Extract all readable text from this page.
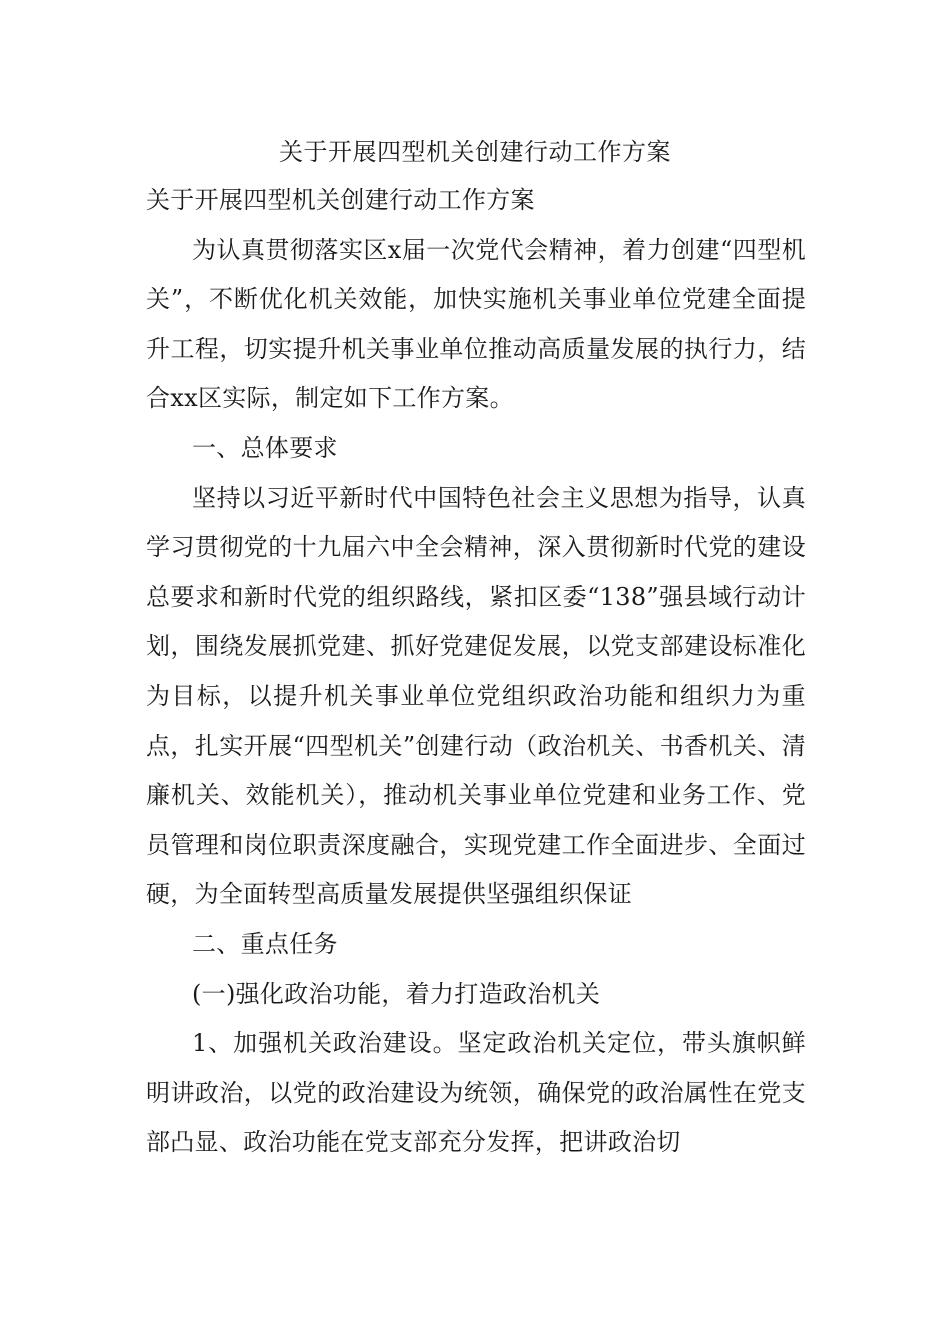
关于开展四型机关创建行动工作方案

关于开展四型机关创建行动工作方案

为认真贯彻落实区x届一次党代会精神，着力创建“四型机关”，不断优化机关效能，加快实施机关事业单位党建全面提升工程，切实提升机关事业单位推动高质量发展的执行力，结合xx区实际，制定如下工作方案。

一、总体要求

坚持以习近平新时代中国特色社会主义思想为指导，认真学习贯彻党的十九届六中全会精神，深入贯彻新时代党的建设总要求和新时代党的组织路线，紧扣区委“138”强县域行动计划，围绕发展抓党建、抓好党建促发展，以党支部建设标准化为目标，以提升机关事业单位党组织政治功能和组织力为重点，扎实开展“四型机关”创建行动（政治机关、书香机关、清廉机关、效能机关），推动机关事业单位党建和业务工作、党员管理和岗位职责深度融合，实现党建工作全面进步、全面过硬，为全面转型高质量发展提供坚强组织保证

二、重点任务

(一)强化政治功能，着力打造政治机关

1、加强机关政治建设。坚定政治机关定位，带头旗帜鲜明讲政治，以党的政治建设为统领，确保党的政治属性在党支部凸显、政治功能在党支部充分发挥，把讲政治切
